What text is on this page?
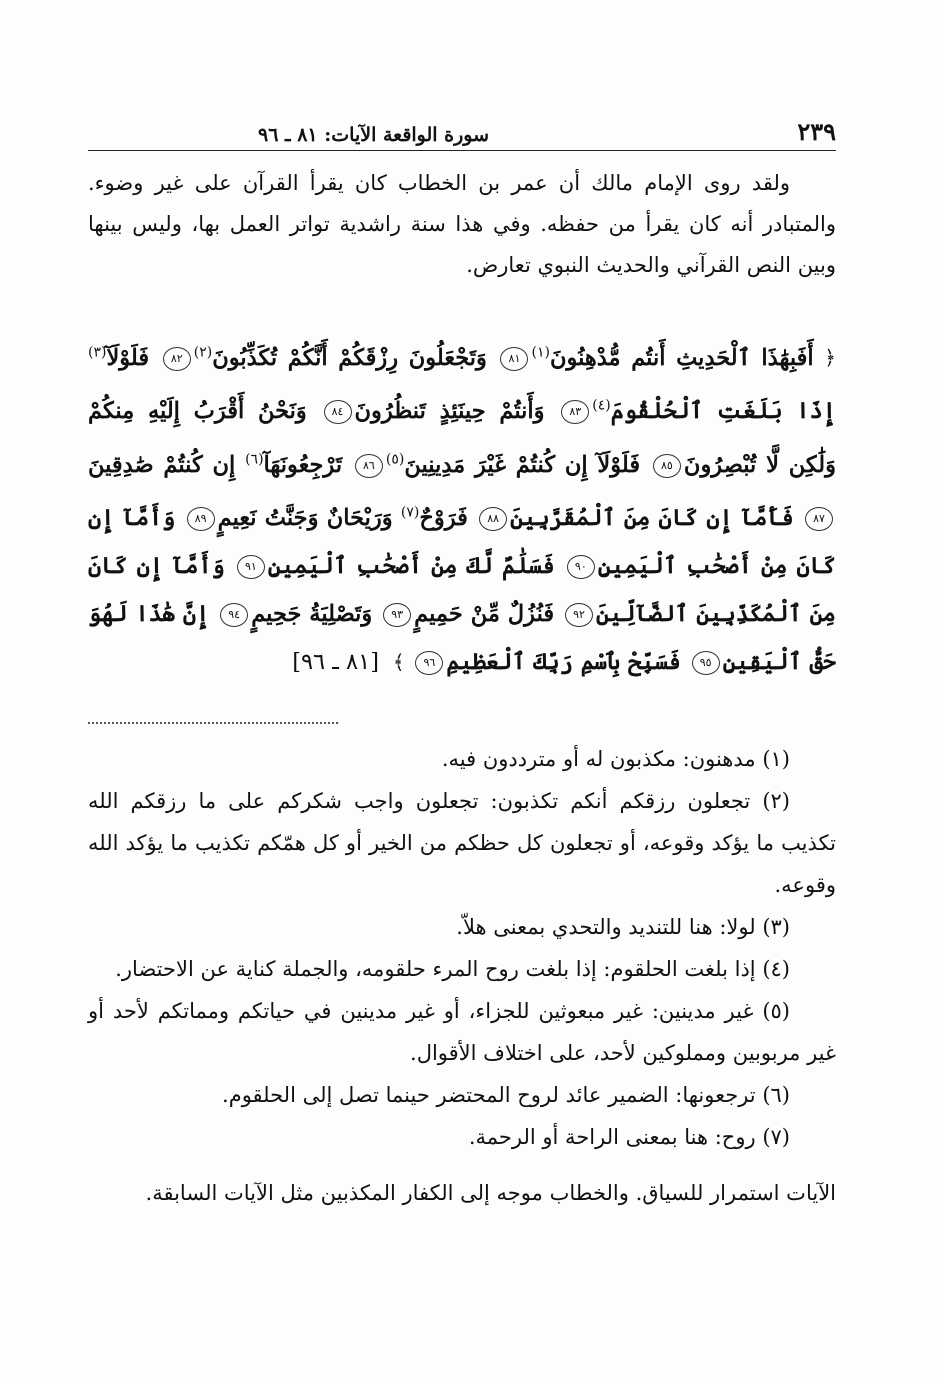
٢٣٩
سورة الواقعة الآيات: ٨١ ـ ٩٦

ولقد روى الإمام مالك أن عمر بن الخطاب كان يقرأ القرآن على غير وضوء. والمتبادر أنه كان يقرأ من حفظه. وفي هذا سنة راشدية تواتر العمل بها، وليس بينها وبين النص القرآني والحديث النبوي تعارض.

﴿ أَفَبِهَٰذَا ٱلْحَدِيثِ أَنتُم مُّدْهِنُونَ$^{(١)}$٨١ وَتَجْعَلُونَ رِزْقَكُمْ أَنَّكُمْ تُكَذِّبُونَ$^{(٢)}$٨٢ فَلَوْلَآ$^{(٣)}$ إِذَا بَلَغَتِ ٱلْحُلْقُومَ$^{(٤)}$٨٣ وَأَنتُمْ حِينَئِذٍ تَنظُرُونَ٨٤ وَنَحْنُ أَقْرَبُ إِلَيْهِ مِنكُمْ وَلَٰكِن لَّا تُبْصِرُونَ٨٥ فَلَوْلَآ إِن كُنتُمْ غَيْرَ مَدِينِينَ$^{(٥)}$٨٦ تَرْجِعُونَهَآ$^{(٦)}$ إِن كُنتُمْ صَٰدِقِينَ٨٧ فَأَمَّآ إِن كَانَ مِنَ ٱلْمُقَرَّبِينَ٨٨ فَرَوْحٌ$^{(٧)}$ وَرَيْحَانٌ وَجَنَّتُ نَعِيمٍ٨٩ وَأَمَّآ إِن كَانَ مِنْ أَصْحَٰبِ ٱلْيَمِينِ٩٠ فَسَلَٰمٌ لَّكَ مِنْ أَصْحَٰبِ ٱلْيَمِينِ٩١ وَأَمَّآ إِن كَانَ مِنَ ٱلْمُكَذِّبِينَ ٱلضَّآلِّينَ٩٢ فَنُزُلٌ مِّنْ حَمِيمٍ٩٣ وَتَصْلِيَةُ جَحِيمٍ٩٤ إِنَّ هَٰذَا لَهُوَ حَقُّ ٱلْيَقِينِ٩٥ فَسَبِّحْ بِٱسْمِ رَبِّكَ ٱلْعَظِيمِ٩٦ ﴾ [٨١ ـ ٩٦]

(١) مدهنون: مكذبون له أو مترددون فيه.

(٢) تجعلون رزقكم أنكم تكذبون: تجعلون واجب شكركم على ما رزقكم الله تكذيب ما يؤكد وقوعه، أو تجعلون كل حظكم من الخير أو كل همّكم تكذيب ما يؤكد الله وقوعه.

(٣) لولا: هنا للتنديد والتحدي بمعنى هلاّ.

(٤) إذا بلغت الحلقوم: إذا بلغت روح المرء حلقومه، والجملة كناية عن الاحتضار.

(٥) غير مدينين: غير مبعوثين للجزاء، أو غير مدينين في حياتكم ومماتكم لأحد أو غير مربوبين ومملوكين لأحد، على اختلاف الأقوال.

(٦) ترجعونها: الضمير عائد لروح المحتضر حينما تصل إلى الحلقوم.

(٧) روح: هنا بمعنى الراحة أو الرحمة.

الآيات استمرار للسياق. والخطاب موجه إلى الكفار المكذبين مثل الآيات السابقة.
